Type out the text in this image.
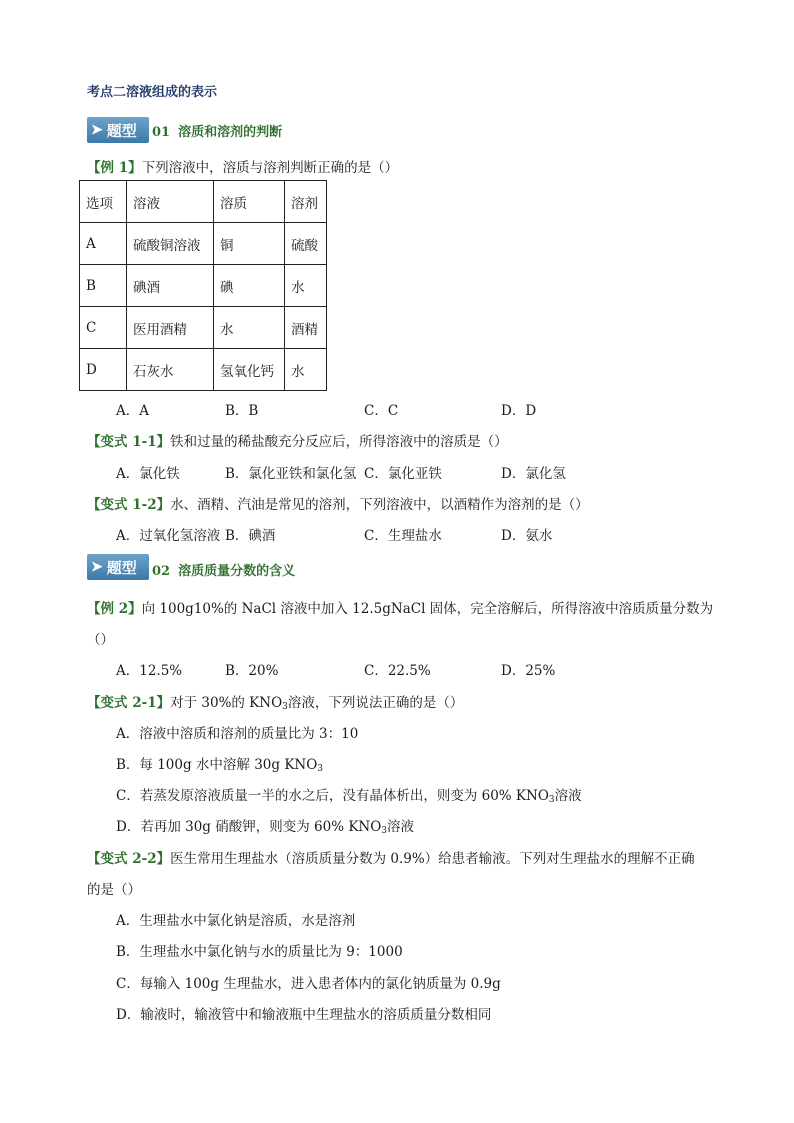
考点二溶液组成的表示
➤ 题型 01 溶质和溶剂的判断
【例 1】下列溶液中，溶质与溶剂判断正确的是（）
选项	溶液	溶质	溶剂
A	硫酸铜溶液	铜	硫酸
B	碘酒	碘	水
C	医用酒精	水	酒精
D	石灰水	氢氧化钙	水
A．A	B．B	C．C	D．D
【变式 1-1】铁和过量的稀盐酸充分反应后，所得溶液中的溶质是（）
A．氯化铁	B．氯化亚铁和氯化氢 C．氯化亚铁	D．氯化氢
【变式 1-2】水、酒精、汽油是常见的溶剂，下列溶液中，以酒精作为溶剂的是（）
A．过氧化氢溶液 B．碘酒	C．生理盐水	D．氨水
➤ 题型 02 溶质质量分数的含义
【例 2】向 100g10%的 NaCl 溶液中加入 12.5gNaCl 固体，完全溶解后，所得溶液中溶质质量分数为
（）
A．12.5%	B．20%	C．22.5%	D．25%
【变式 2-1】对于 30%的 $KNO_3$溶液，下列说法正确的是（）
A．溶液中溶质和溶剂的质量比为 3：10
B．每 100g 水中溶解 30g $KNO_3$
C．若蒸发原溶液质量一半的水之后，没有晶体析出，则变为 60% $KNO_3$溶液
D．若再加 30g 硝酸钾，则变为 60% $KNO_3$溶液
【变式 2-2】医生常用生理盐水（溶质质量分数为 0.9%）给患者输液。下列对生理盐水的理解不正确
的是（）
A．生理盐水中氯化钠是溶质，水是溶剂
B．生理盐水中氯化钠与水的质量比为 9：1000
C．每输入 100g 生理盐水，进入患者体内的氯化钠质量为 0.9g
D．输液时，输液管中和输液瓶中生理盐水的溶质质量分数相同
